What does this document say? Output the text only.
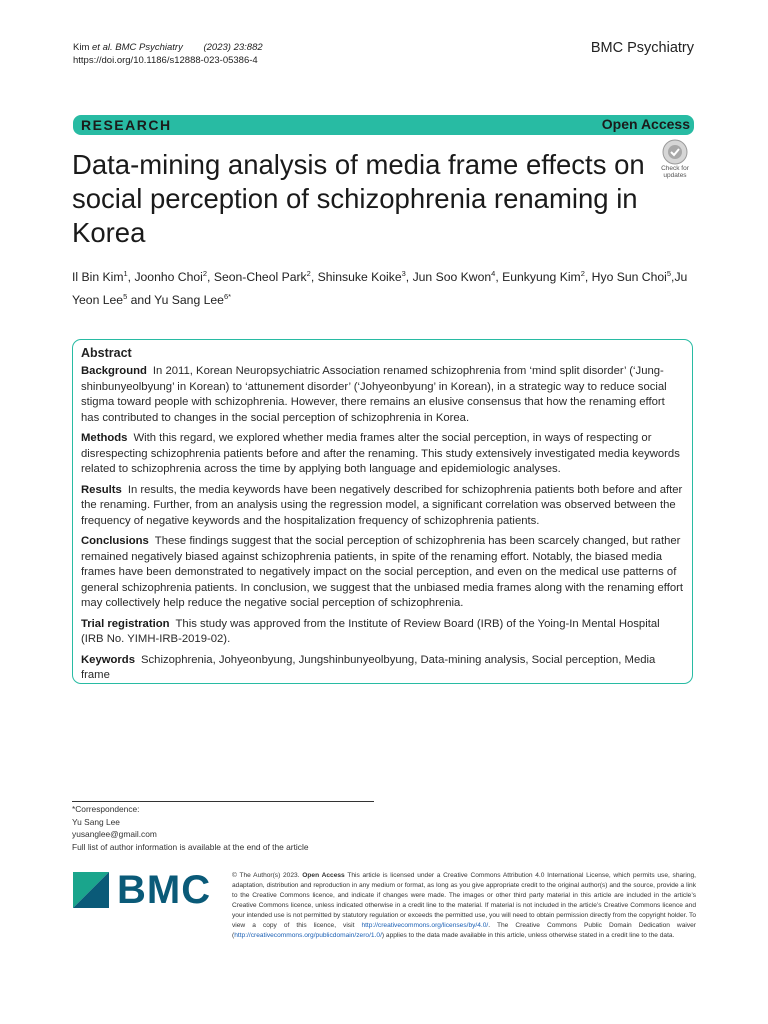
Kim et al. BMC Psychiatry (2023) 23:882
https://doi.org/10.1186/s12888-023-05386-4
BMC Psychiatry
RESEARCH	Open Access
Data-mining analysis of media frame effects on social perception of schizophrenia renaming in Korea
Check for
updates
Il Bin Kim$^1$, Joonho Choi$^2$, Seon-Cheol Park$^2$, Shinsuke Koike$^3$, Jun Soo Kwon$^4$, Eunkyung Kim$^2$, Hyo Sun Choi$^5$,Ju Yeon Lee$^5$ and Yu Sang Lee$^{6*}$
Abstract

Background In 2011, Korean Neuropsychiatric Association renamed schizophrenia from ‘mind split disorder’ (‘Jung-shinbunyeolbyung’ in Korean) to ‘attunement disorder’ (‘Johyeonbyung’ in Korean), in a strategic way to reduce social stigma toward people with schizophrenia. However, there remains an elusive consensus that how the renaming effort has contributed to changes in the social perception of schizophrenia in Korea.

Methods With this regard, we explored whether media frames alter the social perception, in ways of respecting or disrespecting schizophrenia patients before and after the renaming. This study extensively investigated media keywords related to schizophrenia across the time by applying both language and epidemiologic analyses.

Results In results, the media keywords have been negatively described for schizophrenia patients both before and after the renaming. Further, from an analysis using the regression model, a significant correlation was observed between the frequency of negative keywords and the hospitalization frequency of schizophrenia patients.

Conclusions These findings suggest that the social perception of schizophrenia has been scarcely changed, but rather remained negatively biased against schizophrenia patients, in spite of the renaming effort. Notably, the biased media frames have been demonstrated to negatively impact on the social perception, and even on the medical use patterns of general schizophrenia patients. In conclusion, we suggest that the unbiased media frames along with the renaming effort may collectively help reduce the negative social perception of schizophrenia.

Trial registration This study was approved from the Institute of Review Board (IRB) of the Yoing-In Mental Hospital (IRB No. YIMH-IRB-2019-02).

Keywords Schizophrenia, Johyeonbyung, Jungshinbunyeolbyung, Data-mining analysis, Social perception, Media frame

*Correspondence:
Yu Sang Lee
yusanglee@gmail.com
Full list of author information is available at the end of the article
BMC	© The Author(s) 2023. Open Access This article is licensed under a Creative Commons Attribution 4.0 International License, which permits use, sharing, adaptation, distribution and reproduction in any medium or format, as long as you give appropriate credit to the original author(s) and the source, provide a link to the Creative Commons licence, and indicate if changes were made. The images or other third party material in this article are included in the article’s Creative Commons licence, unless indicated otherwise in a credit line to the material. If material is not included in the article’s Creative Commons licence and your intended use is not permitted by statutory regulation or exceeds the permitted use, you will need to obtain permission directly from the copyright holder. To view a copy of this licence, visit http://creativecommons.org/licenses/by/4.0/. The Creative Commons Public Domain Dedication waiver (http://creativecommons.org/publicdomain/zero/1.0/) applies to the data made available in this article, unless otherwise stated in a credit line to the data.
